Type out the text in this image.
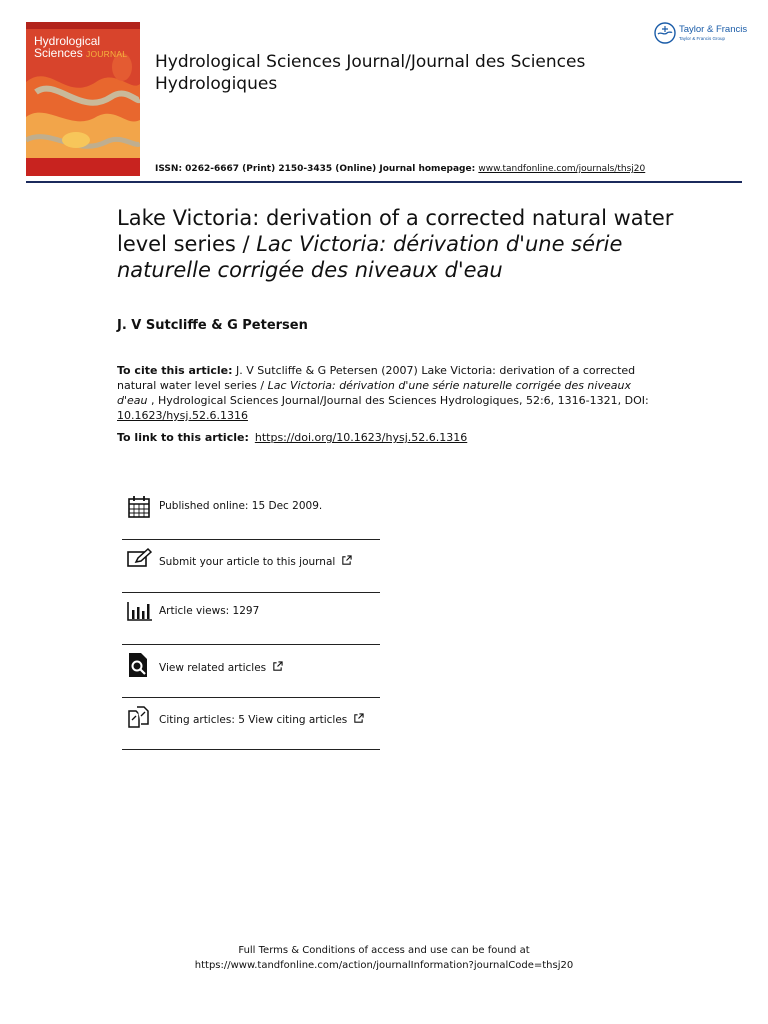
Hydrological
Sciences JOURNAL Hydrological Sciences Journal/Journal des Sciences Hydrologiques
ISSN: 0262-6667 (Print) 2150-3435 (Online) Journal homepage: www.tandfonline.com/journals/thsj20
Taylor & Francis
Taylor & Francis Group
Lake Victoria: derivation of a corrected natural water level series / Lac Victoria: dérivation d'une série naturelle corrigée des niveaux d'eau
J. V Sutcliffe & G Petersen
To cite this article: J. V Sutcliffe & G Petersen (2007) Lake Victoria: derivation of a corrected natural water level series / Lac Victoria: dérivation d'une série naturelle corrigée des niveaux d'eau , Hydrological Sciences Journal/Journal des Sciences Hydrologiques, 52:6, 1316-1321, DOI: 10.1623/hysj.52.6.1316
To link to this article: https://doi.org/10.1623/hysj.52.6.1316
Published online: 15 Dec 2009.
Submit your article to this journal
Article views: 1297
View related articles
Citing articles: 5 View citing articles
Full Terms & Conditions of access and use can be found at
https://www.tandfonline.com/action/journalInformation?journalCode=thsj20
